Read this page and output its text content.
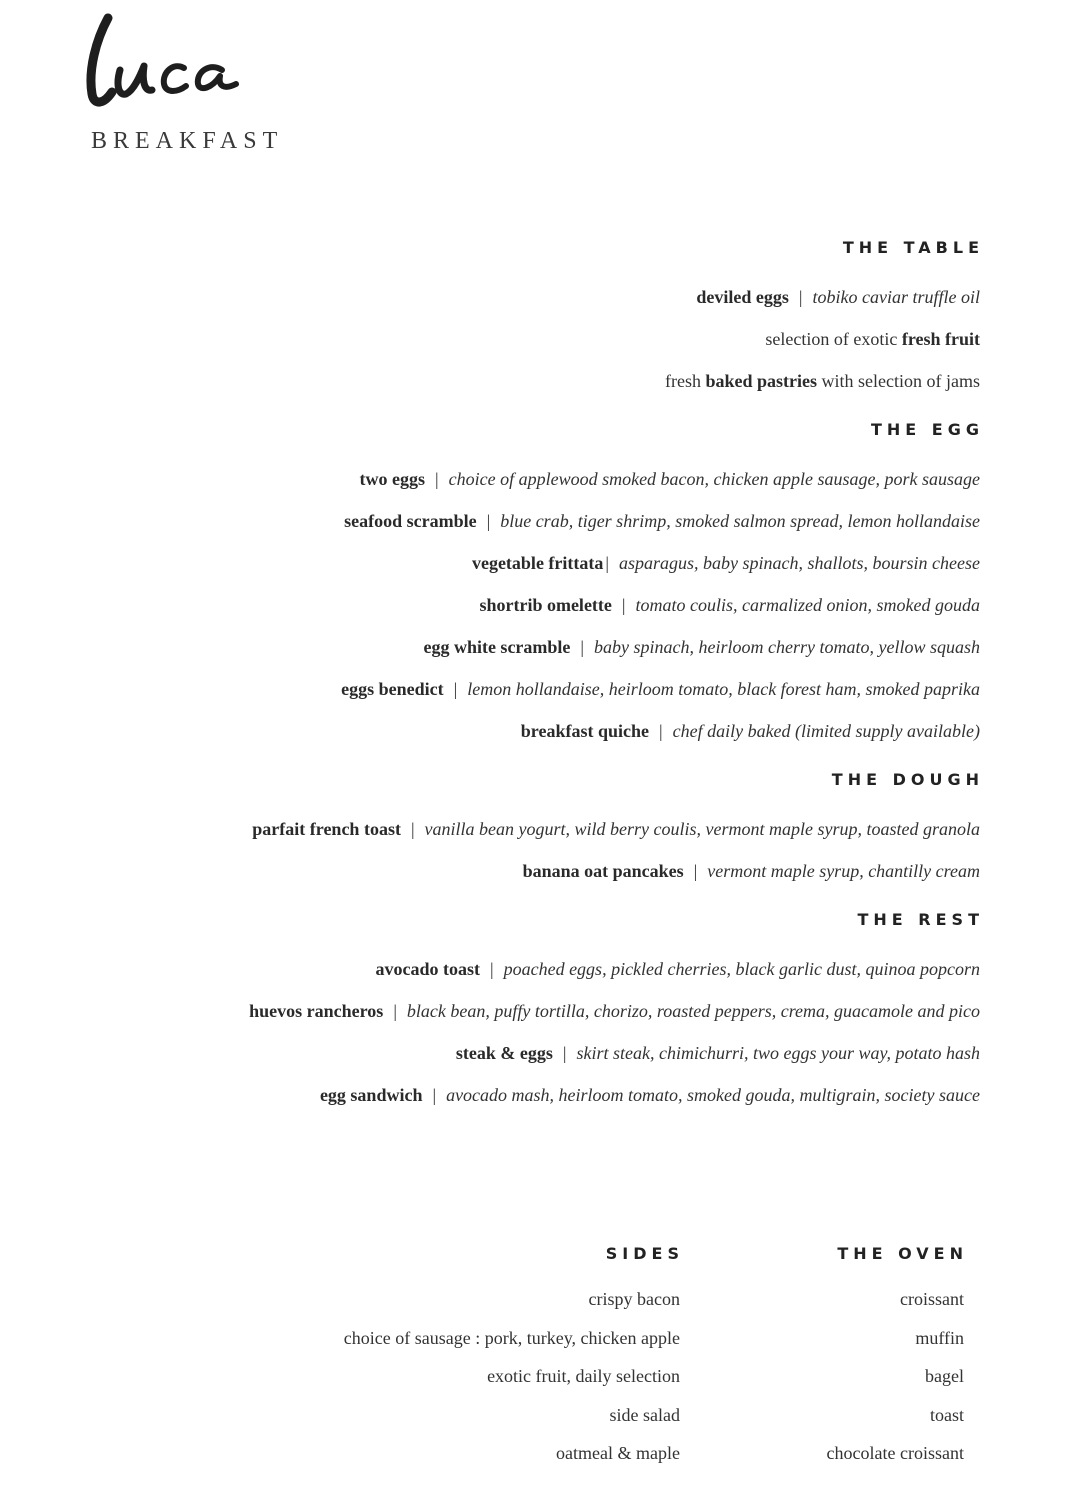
BREAKFAST
THE TABLE
deviled eggs | tobiko caviar truffle oil
selection of exotic fresh fruit
fresh baked pastries with selection of jams
THE EGG
two eggs | choice of applewood smoked bacon, chicken apple sausage, pork sausage
seafood scramble | blue crab, tiger shrimp, smoked salmon spread, lemon hollandaise
vegetable frittata | asparagus, baby spinach, shallots, boursin cheese
shortrib omelette | tomato coulis, carmalized onion, smoked gouda
egg white scramble | baby spinach, heirloom cherry tomato, yellow squash
eggs benedict | lemon hollandaise, heirloom tomato, black forest ham, smoked paprika
breakfast quiche | chef daily baked (limited supply available)
THE DOUGH
parfait french toast | vanilla bean yogurt, wild berry coulis, vermont maple syrup, toasted granola
banana oat pancakes | vermont maple syrup, chantilly cream
THE REST
avocado toast | poached eggs, pickled cherries, black garlic dust, quinoa popcorn
huevos rancheros | black bean, puffy tortilla, chorizo, roasted peppers, crema, guacamole and pico
steak & eggs | skirt steak, chimichurri, two eggs your way, potato hash
egg sandwich | avocado mash, heirloom tomato, smoked gouda, multigrain, society sauce
SIDES
crispy bacon
choice of sausage : pork, turkey, chicken apple
exotic fruit, daily selection
side salad
oatmeal & maple
THE OVEN
croissant
muffin
bagel
toast
chocolate croissant
